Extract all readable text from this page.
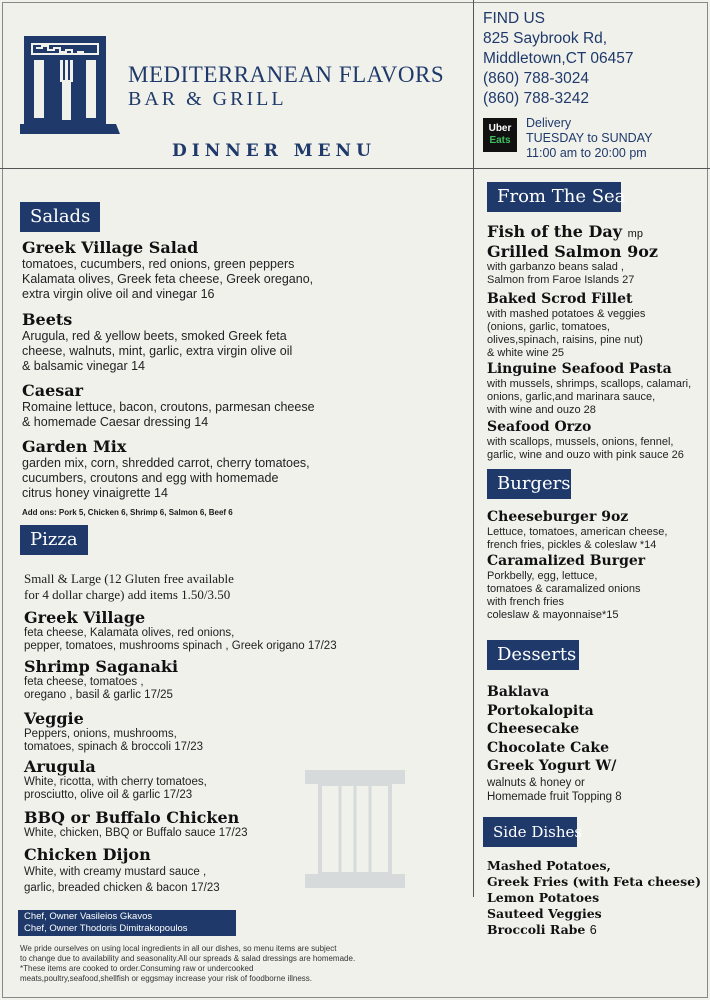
MEDITERRANEAN FLAVORS
BAR & GRILL
DINNER MENU
FIND US
825 Saybrook Rd,
Middletown,CT 06457
(860) 788-3024
(860) 788-3242
Uber
Eats
Delivery
TUESDAY to SUNDAY
11:00 am to 20:00 pm
Salads
Greek Village Salad
tomatoes, cucumbers, red onions, green peppers
Kalamata olives, Greek feta cheese, Greek oregano,
extra virgin olive oil and vinegar 16
Beets
Arugula, red & yellow beets, smoked Greek feta
cheese, walnuts, mint, garlic, extra virgin olive oil
& balsamic vinegar 14
Caesar
Romaine lettuce, bacon, croutons, parmesan cheese
& homemade Caesar dressing 14
Garden Mix
garden mix, corn, shredded carrot, cherry tomatoes,
cucumbers, croutons and egg with homemade
citrus honey vinaigrette 14
Add ons: Pork 5, Chicken 6, Shrimp 6, Salmon 6, Beef 6
Pizza
Small & Large (12 Gluten free available
for 4 dollar charge) add items 1.50/3.50
Greek Village
feta cheese, Kalamata olives, red onions,
pepper, tomatoes, mushrooms spinach , Greek origano 17/23
Shrimp Saganaki
feta cheese, tomatoes ,
oregano , basil & garlic 17/25
Veggie
Peppers, onions, mushrooms,
tomatoes, spinach & broccoli 17/23
Arugula
White, ricotta, with cherry tomatoes,
prosciutto, olive oil & garlic 17/23
BBQ or Buffalo Chicken
White, chicken, BBQ or Buffalo sauce 17/23
Chicken Dijon
White, with creamy mustard sauce ,
garlic, breaded chicken & bacon 17/23
Chef, Owner Vasileios Gkavos
Chef, Owner Thodoris Dimitrakopoulos
We pride ourselves on using local ingredients in all our dishes, so menu items are subject
to change due to availability and seasonality.All our spreads & salad dressings are homemade.
*These items are cooked to order.Consuming raw or undercooked
meats,poultry,seafood,shellfish or eggsmay increase your risk of foodborne illness.
From The Sea
Fish of the Day mp
Grilled Salmon 9oz
with garbanzo beans salad ,
Salmon from Faroe Islands 27
Baked Scrod Fillet
with mashed potatoes & veggies
(onions, garlic, tomatoes,
olives,spinach, raisins, pine nut)
& white wine 25
Linguine Seafood Pasta
with mussels, shrimps, scallops, calamari,
onions, garlic,and marinara sauce,
with wine and ouzo 28
Seafood Orzo
with scallops, mussels, onions, fennel,
garlic, wine and ouzo with pink sauce 26
Burgers
Cheeseburger 9oz
Lettuce, tomatoes, american cheese,
french fries, pickles & coleslaw *14
Caramalized Burger
Porkbelly, egg, lettuce,
tomatoes & caramalized onions
with french fries
coleslaw & mayonnaise*15
Desserts
Baklava
Portokalopita
Cheesecake
Chocolate Cake
Greek Yogurt W/
walnuts & honey or
Homemade fruit Topping 8
Side Dishes
Mashed Potatoes,
Greek Fries (with Feta cheese)
Lemon Potatoes
Sauteed Veggies
Broccoli Rabe 6
